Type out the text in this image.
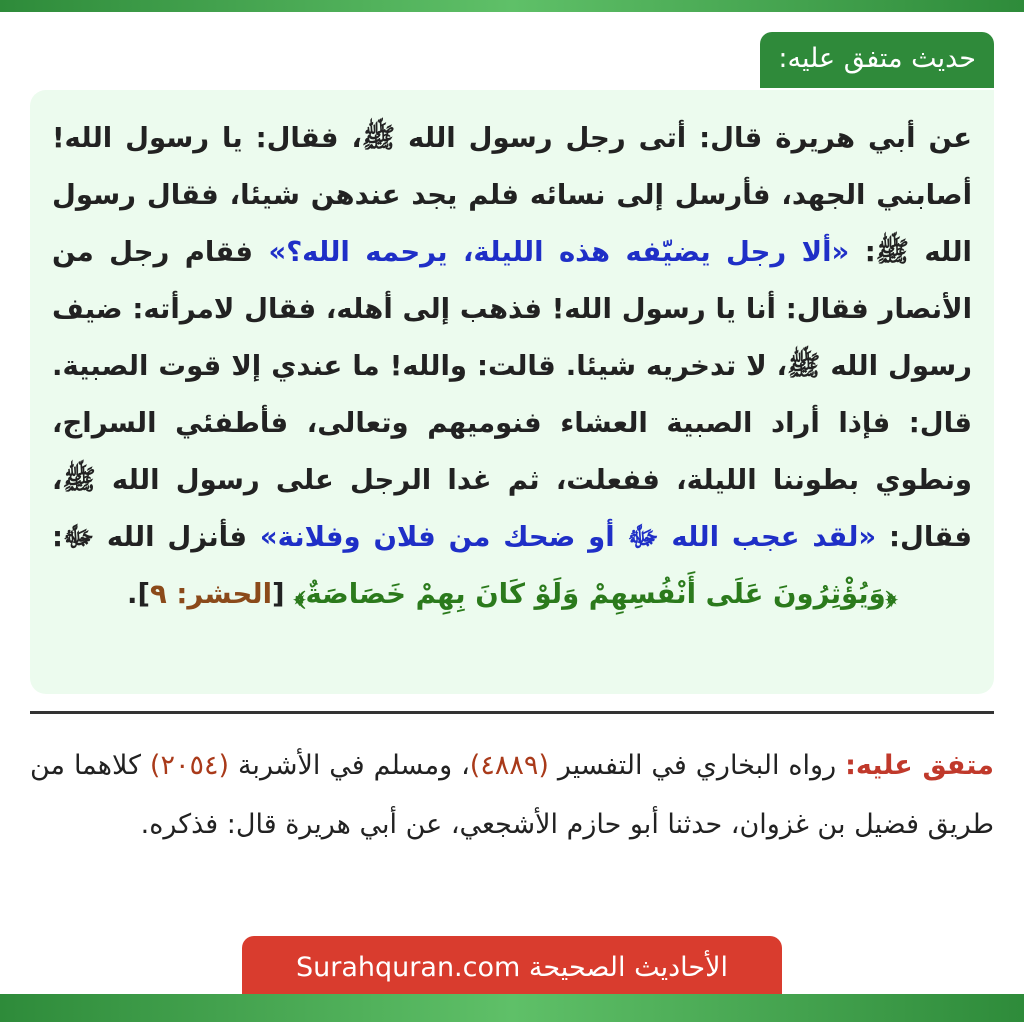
حديث متفق عليه:
عن أبي هريرة قال: أتى رجل رسول الله ﷺ، فقال: يا رسول الله! أصابني الجهد، فأرسل إلى نسائه فلم يجد عندهن شيئا، فقال رسول الله ﷺ: «ألا رجل يضيّفه هذه الليلة، يرحمه الله؟» فقام رجل من الأنصار فقال: أنا يا رسول الله! فذهب إلى أهله، فقال لامرأته: ضيف رسول الله ﷺ، لا تدخريه شيئا. قالت: والله! ما عندي إلا قوت الصبية. قال: فإذا أراد الصبية العشاء فنوميهم وتعالى، فأطفئي السراج، ونطوي بطوننا الليلة، ففعلت، ثم غدا الرجل على رسول الله ﷺ، فقال: «لقد عجب الله ﷻ أو ضحك من فلان وفلانة» فأنزل الله ﷻ: ﴿وَيُؤْثِرُونَ عَلَى أَنْفُسِهِمْ وَلَوْ كَانَ بِهِمْ خَصَاصَةٌ﴾ [الحشر: ٩].
متفق عليه: رواه البخاري في التفسير (٤٨٨٩)، ومسلم في الأشربة (٢٠٥٤) كلاهما من طريق فضيل بن غزوان، حدثنا أبو حازم الأشجعي، عن أبي هريرة قال: فذكره.
الأحاديث الصحيحة Surahquran.com
